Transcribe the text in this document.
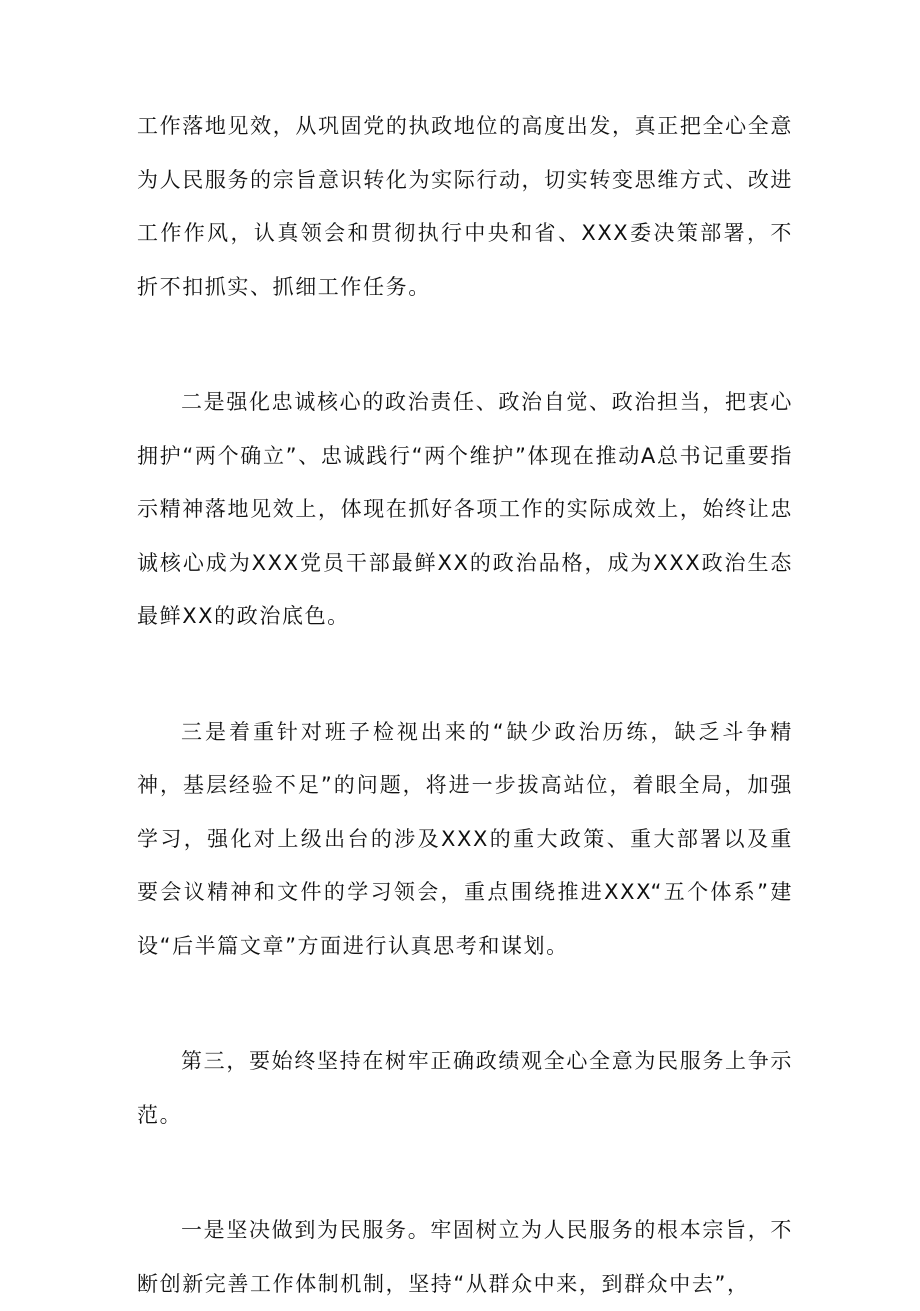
工作落地见效，从巩固党的执政地位的高度出发，真正把全心全意为人民服务的宗旨意识转化为实际行动，切实转变思维方式、改进工作作风，认真领会和贯彻执行中央和省、XXX委决策部署，不折不扣抓实、抓细工作任务。

二是强化忠诚核心的政治责任、政治自觉、政治担当，把衷心拥护“两个确立”、忠诚践行“两个维护”体现在推动A总书记重要指示精神落地见效上，体现在抓好各项工作的实际成效上，始终让忠诚核心成为XXX党员干部最鲜XX的政治品格，成为XXX政治生态最鲜XX的政治底色。

三是着重针对班子检视出来的“缺少政治历练，缺乏斗争精神，基层经验不足”的问题，将进一步拔高站位，着眼全局，加强学习，强化对上级出台的涉及XXX的重大政策、重大部署以及重要会议精神和文件的学习领会，重点围绕推进XXX“五个体系”建设“后半篇文章”方面进行认真思考和谋划。

第三，要始终坚持在树牢正确政绩观全心全意为民服务上争示范。

一是坚决做到为民服务。牢固树立为人民服务的根本宗旨，不断创新完善工作体制机制，坚持“从群众中来，到群众中去”，
